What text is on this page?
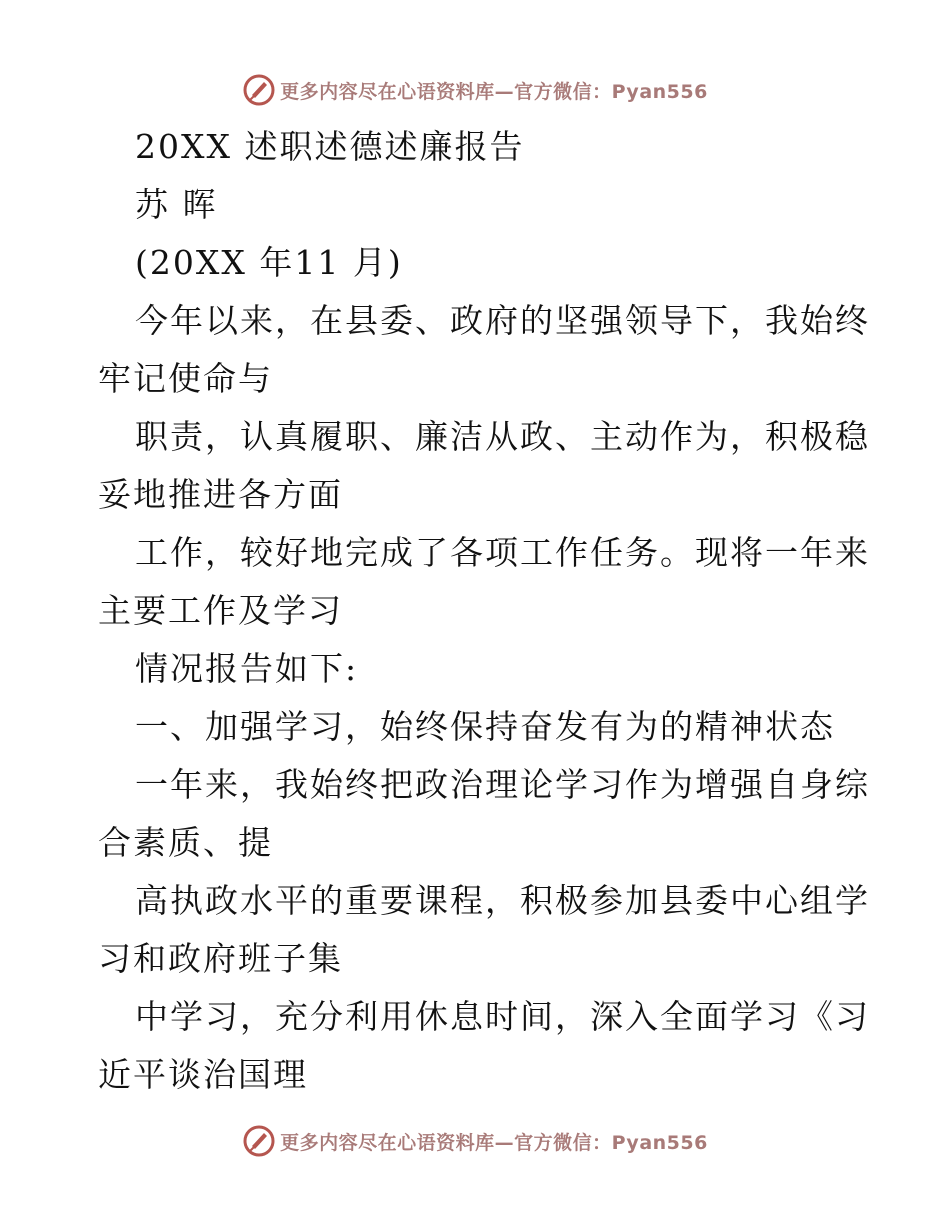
更多内容尽在心语资料库—官方微信：Pyan556
20XX 述职述德述廉报告
苏 晖
(20XX 年11 月)
今年以来，在县委、政府的坚强领导下，我始终
牢记使命与
职责，认真履职、廉洁从政、主动作为，积极稳
妥地推进各方面
工作，较好地完成了各项工作任务。现将一年来
主要工作及学习
情况报告如下:
一、加强学习，始终保持奋发有为的精神状态
一年来，我始终把政治理论学习作为增强自身综
合素质、提
高执政水平的重要课程，积极参加县委中心组学
习和政府班子集
中学习，充分利用休息时间，深入全面学习《习
近平谈治国理
更多内容尽在心语资料库—官方微信：Pyan556
